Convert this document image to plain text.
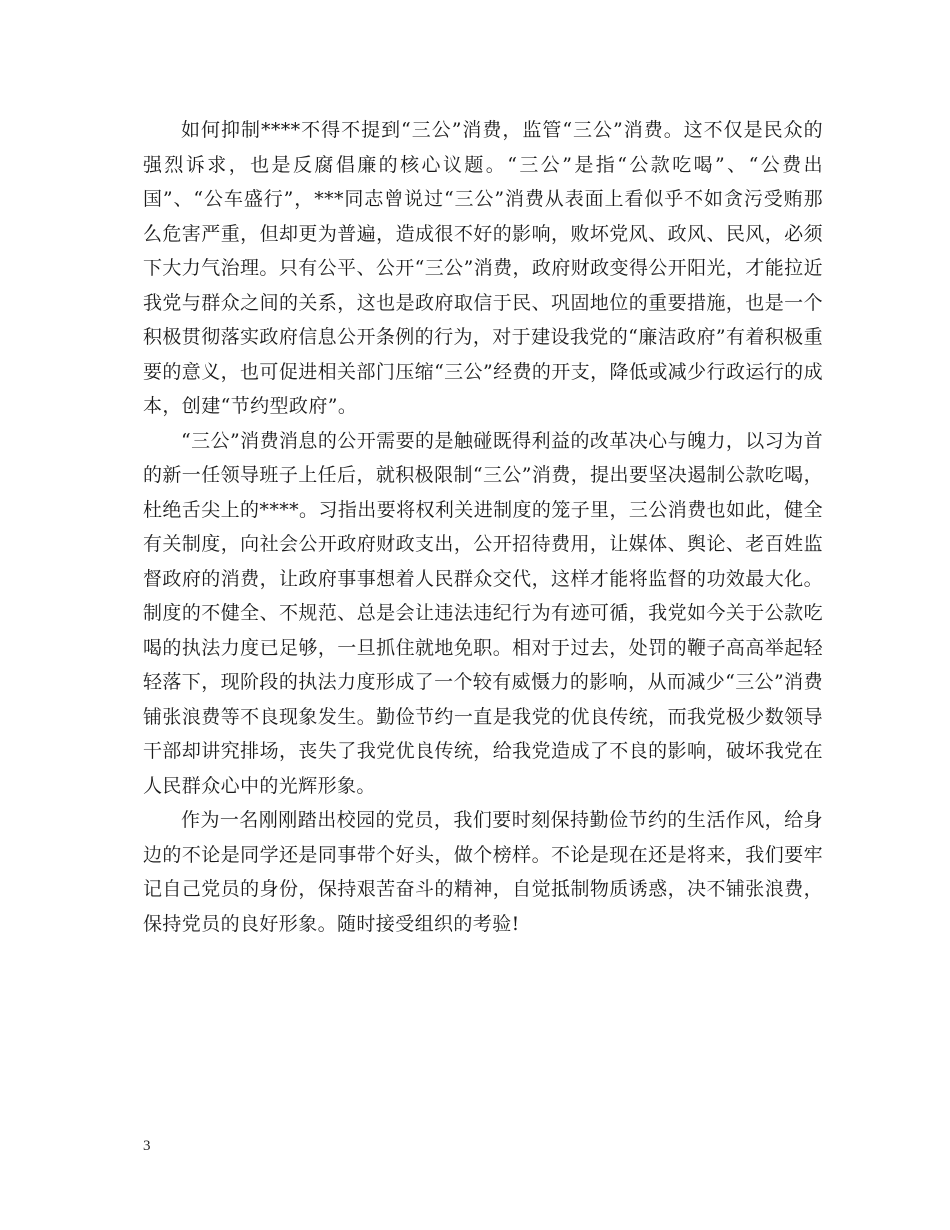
如何抑制****不得不提到“三公”消费，监管“三公”消费。这不仅是民众的强烈诉求，也是反腐倡廉的核心议题。“三公”是指“公款吃喝”、“公费出国”、“公车盛行”，***同志曾说过“三公”消费从表面上看似乎不如贪污受贿那么危害严重，但却更为普遍，造成很不好的影响，败坏党风、政风、民风，必须下大力气治理。只有公平、公开“三公”消费，政府财政变得公开阳光，才能拉近我党与群众之间的关系，这也是政府取信于民、巩固地位的重要措施，也是一个积极贯彻落实政府信息公开条例的行为，对于建设我党的“廉洁政府”有着积极重要的意义，也可促进相关部门压缩“三公”经费的开支，降低或减少行政运行的成本，创建“节约型政府”。

“三公”消费消息的公开需要的是触碰既得利益的改革决心与魄力，以习为首的新一任领导班子上任后，就积极限制“三公”消费，提出要坚决遏制公款吃喝，杜绝舌尖上的****。习指出要将权利关进制度的笼子里，三公消费也如此，健全有关制度，向社会公开政府财政支出，公开招待费用，让媒体、舆论、老百姓监督政府的消费，让政府事事想着人民群众交代，这样才能将监督的功效最大化。制度的不健全、不规范、总是会让违法违纪行为有迹可循，我党如今关于公款吃喝的执法力度已足够，一旦抓住就地免职。相对于过去，处罚的鞭子高高举起轻轻落下，现阶段的执法力度形成了一个较有威慑力的影响，从而减少“三公”消费铺张浪费等不良现象发生。勤俭节约一直是我党的优良传统，而我党极少数领导干部却讲究排场，丧失了我党优良传统，给我党造成了不良的影响，破坏我党在人民群众心中的光辉形象。

作为一名刚刚踏出校园的党员，我们要时刻保持勤俭节约的生活作风，给身边的不论是同学还是同事带个好头，做个榜样。不论是现在还是将来，我们要牢记自己党员的身份，保持艰苦奋斗的精神，自觉抵制物质诱惑，决不铺张浪费，保持党员的良好形象。随时接受组织的考验!

3
